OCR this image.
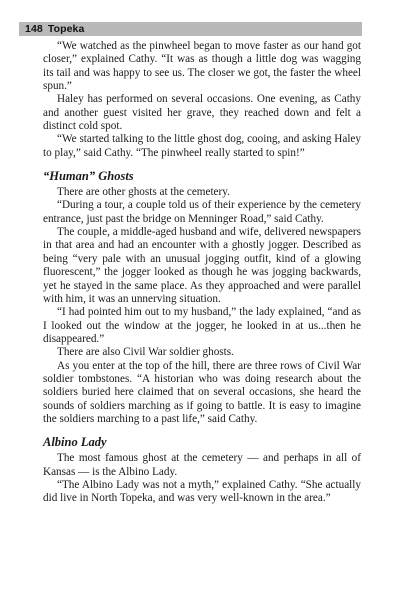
148 Topeka

“We watched as the pinwheel began to move faster as our hand got closer,” explained Cathy. “It was as though a little dog was wagging its tail and was happy to see us. The closer we got, the faster the wheel spun.”

Haley has performed on several occasions. One evening, as Cathy and another guest visited her grave, they reached down and felt a distinct cold spot.

“We started talking to the little ghost dog, cooing, and asking Haley to play,” said Cathy. “The pinwheel really started to spin!”

“Human” Ghosts

There are other ghosts at the cemetery.

“During a tour, a couple told us of their experience by the cemetery entrance, just past the bridge on Menninger Road,” said Cathy.

The couple, a middle-aged husband and wife, delivered newspapers in that area and had an encounter with a ghostly jogger. Described as being “very pale with an unusual jogging outfit, kind of a glowing fluorescent,” the jogger looked as though he was jogging backwards, yet he stayed in the same place. As they approached and were parallel with him, it was an unnerving situation.

“I had pointed him out to my husband,” the lady explained, “and as I looked out the window at the jogger, he looked in at us...then he disappeared.”

There are also Civil War soldier ghosts.

As you enter at the top of the hill, there are three rows of Civil War soldier tombstones. “A historian who was doing research about the soldiers buried here claimed that on several occasions, she heard the sounds of soldiers marching as if going to battle. It is easy to imagine the soldiers marching to a past life,” said Cathy.

Albino Lady

The most famous ghost at the cemetery — and perhaps in all of Kansas — is the Albino Lady.

“The Albino Lady was not a myth,” explained Cathy. “She actually did live in North Topeka, and was very well-known in the area.”
